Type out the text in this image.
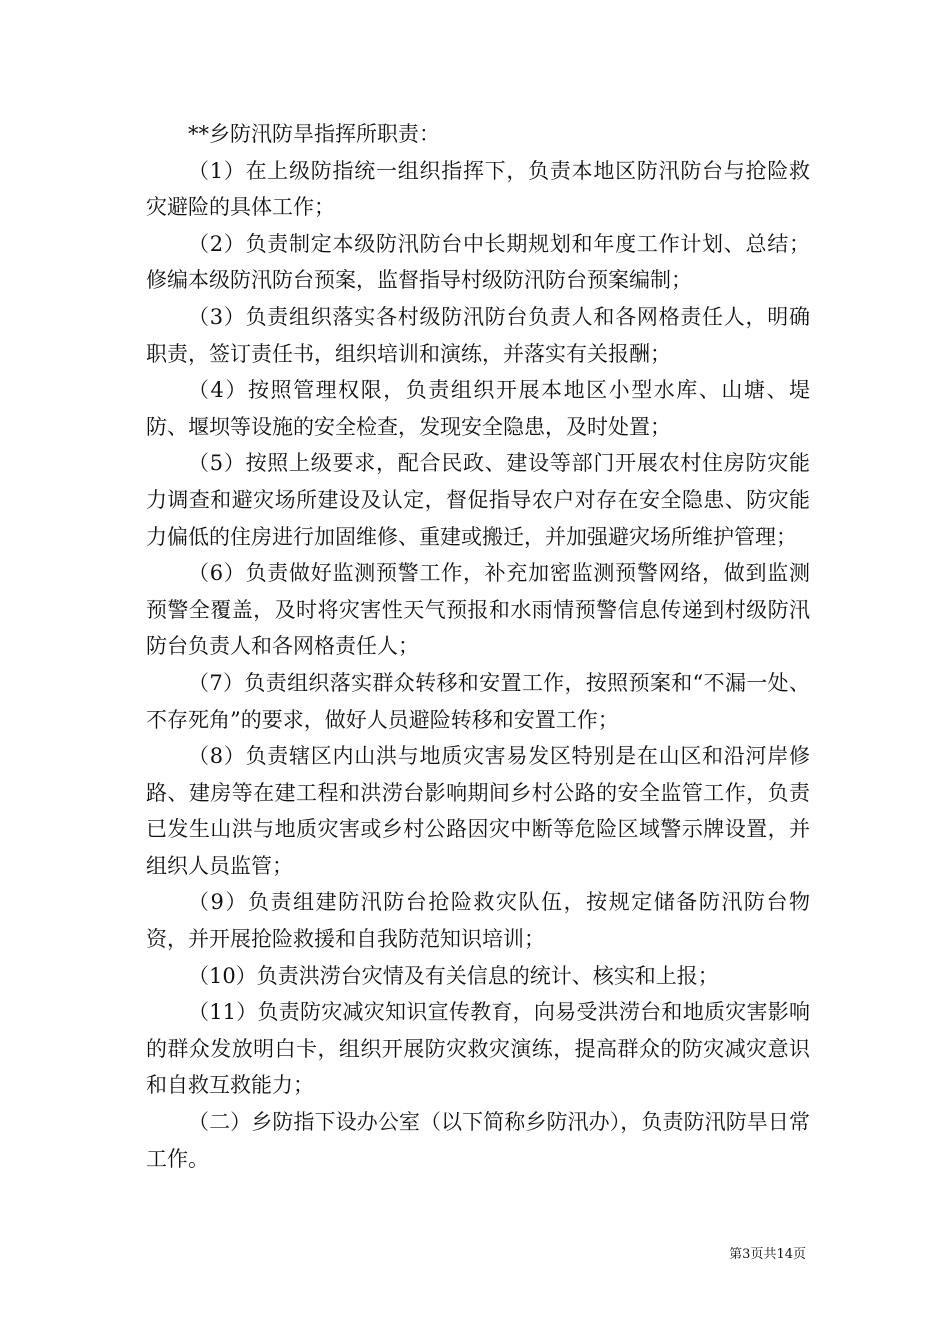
**乡防汛防旱指挥所职责：

（1）在上级防指统一组织指挥下，负责本地区防汛防台与抢险救灾避险的具体工作；

（2）负责制定本级防汛防台中长期规划和年度工作计划、总结；修编本级防汛防台预案，监督指导村级防汛防台预案编制；

（3）负责组织落实各村级防汛防台负责人和各网格责任人，明确职责，签订责任书，组织培训和演练，并落实有关报酬；

（4）按照管理权限，负责组织开展本地区小型水库、山塘、堤防、堰坝等设施的安全检查，发现安全隐患，及时处置；

（5）按照上级要求，配合民政、建设等部门开展农村住房防灾能力调查和避灾场所建设及认定，督促指导农户对存在安全隐患、防灾能力偏低的住房进行加固维修、重建或搬迁，并加强避灾场所维护管理；

（6）负责做好监测预警工作，补充加密监测预警网络，做到监测预警全覆盖，及时将灾害性天气预报和水雨情预警信息传递到村级防汛防台负责人和各网格责任人；

（7）负责组织落实群众转移和安置工作，按照预案和“不漏一处、不存死角”的要求，做好人员避险转移和安置工作；

（8）负责辖区内山洪与地质灾害易发区特别是在山区和沿河岸修路、建房等在建工程和洪涝台影响期间乡村公路的安全监管工作，负责已发生山洪与地质灾害或乡村公路因灾中断等危险区域警示牌设置，并组织人员监管；

（9）负责组建防汛防台抢险救灾队伍，按规定储备防汛防台物资，并开展抢险救援和自我防范知识培训；

（10）负责洪涝台灾情及有关信息的统计、核实和上报；

（11）负责防灾减灾知识宣传教育，向易受洪涝台和地质灾害影响的群众发放明白卡，组织开展防灾救灾演练，提高群众的防灾减灾意识和自救互救能力；

（二）乡防指下设办公室（以下简称乡防汛办），负责防汛防旱日常工作。

第3页共14页
